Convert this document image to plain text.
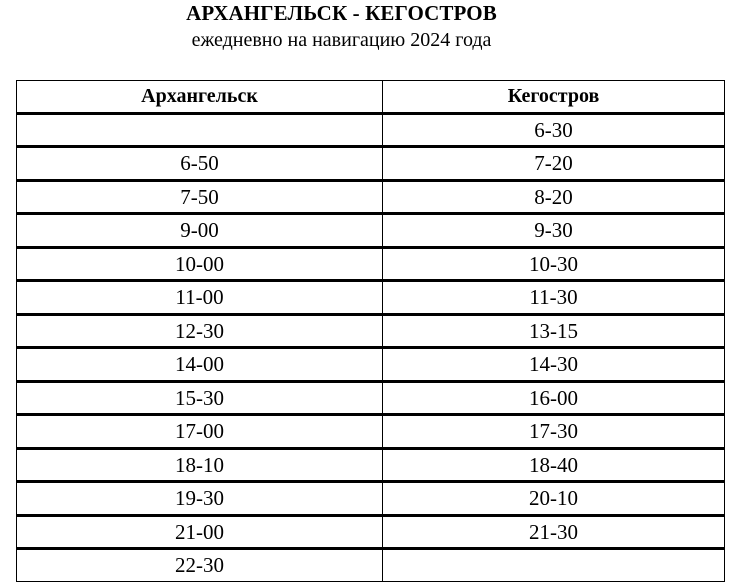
АРХАНГЕЛЬСК - КЕГОСТРОВ
ежедневно на навигацию 2024 года
Архангельск	Кегостров
	6-30
6-50	7-20
7-50	8-20
9-00	9-30
10-00	10-30
11-00	11-30
12-30	13-15
14-00	14-30
15-30	16-00
17-00	17-30
18-10	18-40
19-30	20-10
21-00	21-30
22-30	
